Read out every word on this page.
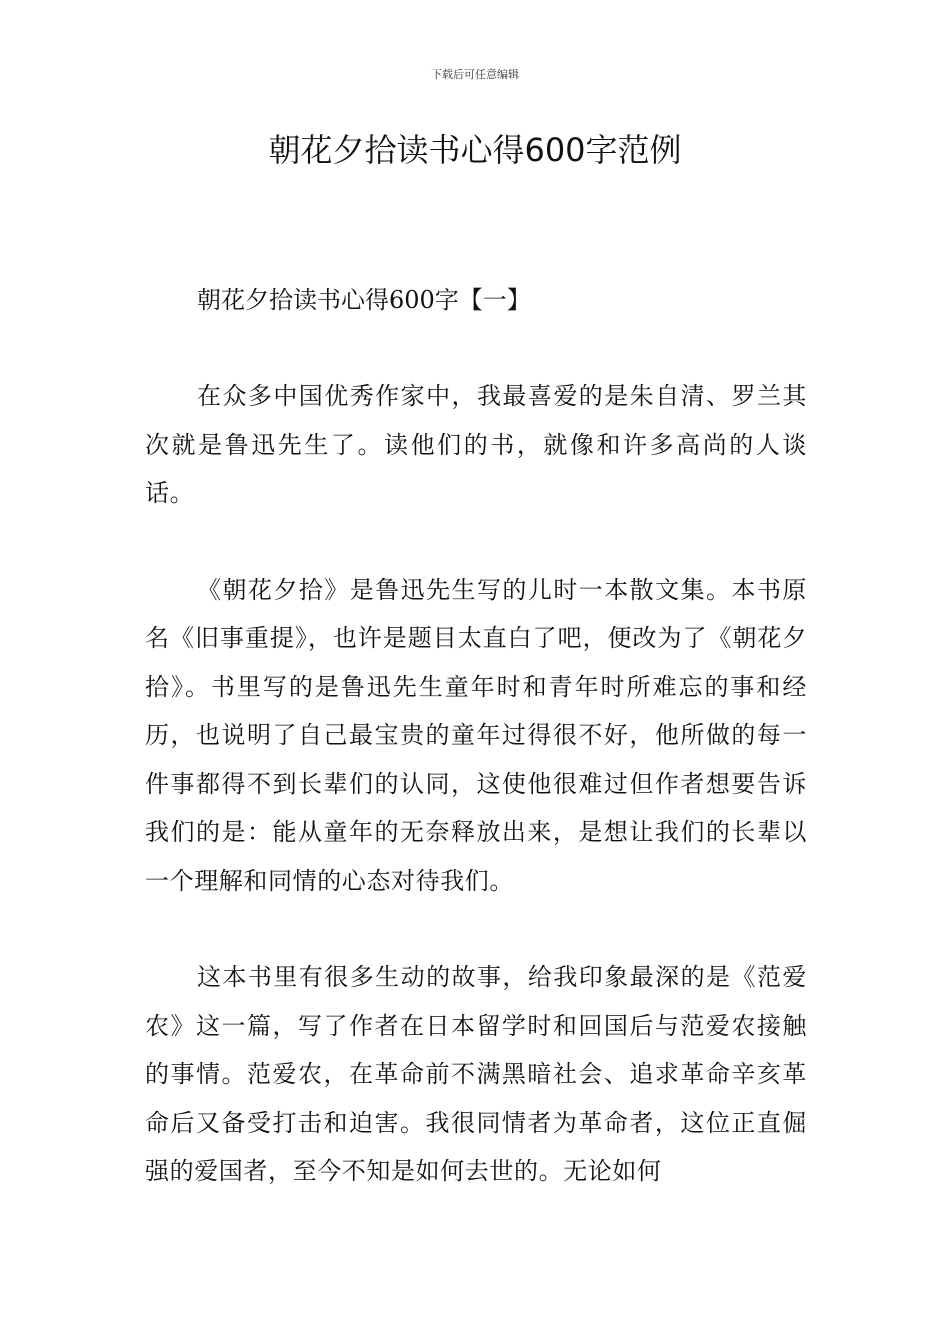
下载后可任意编辑
朝花夕拾读书心得600字范例

朝花夕拾读书心得600字【一】

在众多中国优秀作家中，我最喜爱的是朱自清、罗兰其次就是鲁迅先生了。读他们的书，就像和许多高尚的人谈话。

《朝花夕拾》是鲁迅先生写的儿时一本散文集。本书原名《旧事重提》，也许是题目太直白了吧，便改为了《朝花夕拾》。书里写的是鲁迅先生童年时和青年时所难忘的事和经历，也说明了自己最宝贵的童年过得很不好，他所做的每一件事都得不到长辈们的认同，这使他很难过但作者想要告诉我们的是：能从童年的无奈释放出来，是想让我们的长辈以一个理解和同情的心态对待我们。

这本书里有很多生动的故事，给我印象最深的是《范爱农》这一篇，写了作者在日本留学时和回国后与范爱农接触的事情。范爱农，在革命前不满黑暗社会、追求革命辛亥革命后又备受打击和迫害。我很同情者为革命者，这位正直倔强的爱国者，至今不知是如何去世的。无论如何
